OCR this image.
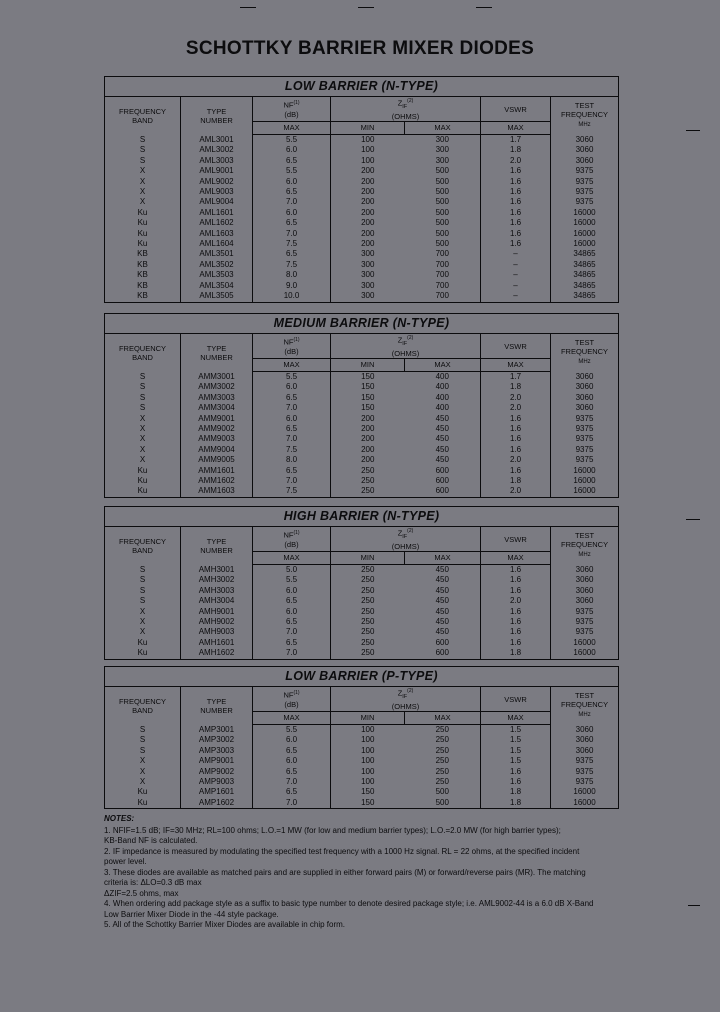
SCHOTTKY BARRIER MIXER DIODES
LOW BARRIER (N-TYPE)						
FREQUENCY
BAND	TYPE
NUMBER	NF$^{(1)}$
(dB)	$Z_{IF}^{(2)}$
(OHMS)		VSWR	TEST
FREQUENCY
MHz
		MAX	MIN	MAX	MAX	
S	AML3001	5.5	100	300	1.7	3060
S	AML3002	6.0	100	300	1.8	3060
S	AML3003	6.5	100	300	2.0	3060
X	AML9001	5.5	200	500	1.6	9375
X	AML9002	6.0	200	500	1.6	9375
X	AML9003	6.5	200	500	1.6	9375
X	AML9004	7.0	200	500	1.6	9375
Ku	AML1601	6.0	200	500	1.6	16000
Ku	AML1602	6.5	200	500	1.6	16000
Ku	AML1603	7.0	200	500	1.6	16000
Ku	AML1604	7.5	200	500	1.6	16000
KB	AML3501	6.5	300	700	–	34865
KB	AML3502	7.5	300	700	–	34865
KB	AML3503	8.0	300	700	–	34865
KB	AML3504	9.0	300	700	–	34865
KB	AML3505	10.0	300	700	–	34865
MEDIUM BARRIER (N-TYPE)						
FREQUENCY
BAND	TYPE
NUMBER	NF$^{(1)}$
(dB)	$Z_{IF}^{(2)}$
(OHMS)		VSWR	TEST
FREQUENCY
MHz
		MAX	MIN	MAX	MAX	
S	AMM3001	5.5	150	400	1.7	3060
S	AMM3002	6.0	150	400	1.8	3060
S	AMM3003	6.5	150	400	2.0	3060
S	AMM3004	7.0	150	400	2.0	3060
X	AMM9001	6.0	200	450	1.6	9375
X	AMM9002	6.5	200	450	1.6	9375
X	AMM9003	7.0	200	450	1.6	9375
X	AMM9004	7.5	200	450	1.6	9375
X	AMM9005	8.0	200	450	2.0	9375
Ku	AMM1601	6.5	250	600	1.6	16000
Ku	AMM1602	7.0	250	600	1.8	16000
Ku	AMM1603	7.5	250	600	2.0	16000
HIGH BARRIER (N-TYPE)						
FREQUENCY
BAND	TYPE
NUMBER	NF$^{(1)}$
(dB)	$Z_{IF}^{(2)}$
(OHMS)		VSWR	TEST
FREQUENCY
MHz
		MAX	MIN	MAX	MAX	
S	AMH3001	5.0	250	450	1.6	3060
S	AMH3002	5.5	250	450	1.6	3060
S	AMH3003	6.0	250	450	1.6	3060
S	AMH3004	6.5	250	450	2.0	3060
X	AMH9001	6.0	250	450	1.6	9375
X	AMH9002	6.5	250	450	1.6	9375
X	AMH9003	7.0	250	450	1.6	9375
Ku	AMH1601	6.5	250	600	1.6	16000
Ku	AMH1602	7.0	250	600	1.8	16000
LOW BARRIER (P-TYPE)						
FREQUENCY
BAND	TYPE
NUMBER	NF$^{(1)}$
(dB)	$Z_{IF}^{(2)}$
(OHMS)		VSWR	TEST
FREQUENCY
MHz
		MAX	MIN	MAX	MAX	
S	AMP3001	5.5	100	250	1.5	3060
S	AMP3002	6.0	100	250	1.5	3060
S	AMP3003	6.5	100	250	1.5	3060
X	AMP9001	6.0	100	250	1.5	9375
X	AMP9002	6.5	100	250	1.6	9375
X	AMP9003	7.0	100	250	1.6	9375
Ku	AMP1601	6.5	150	500	1.8	16000
Ku	AMP1602	7.0	150	500	1.8	16000
NOTES:
1. NFIF=1.5 dB; IF=30 MHz; RL=100 ohms; L.O.=1 MW (for low and medium barrier types); L.O.=2.0 MW (for high barrier types);
KB-Band NF is calculated.
2. IF impedance is measured by modulating the specified test frequency with a 1000 Hz signal. RL = 22 ohms, at the specified incident
power level.
3. These diodes are available as matched pairs and are supplied in either forward pairs (M) or forward/reverse pairs (MR). The matching
criteria is: ΔLO=0.3 dB max
ΔZIF=2.5 ohms, max
4. When ordering add package style as a suffix to basic type number to denote desired package style; i.e. AML9002-44 is a 6.0 dB X-Band
Low Barrier Mixer Diode in the -44 style package.
5. All of the Schottky Barrier Mixer Diodes are available in chip form.
